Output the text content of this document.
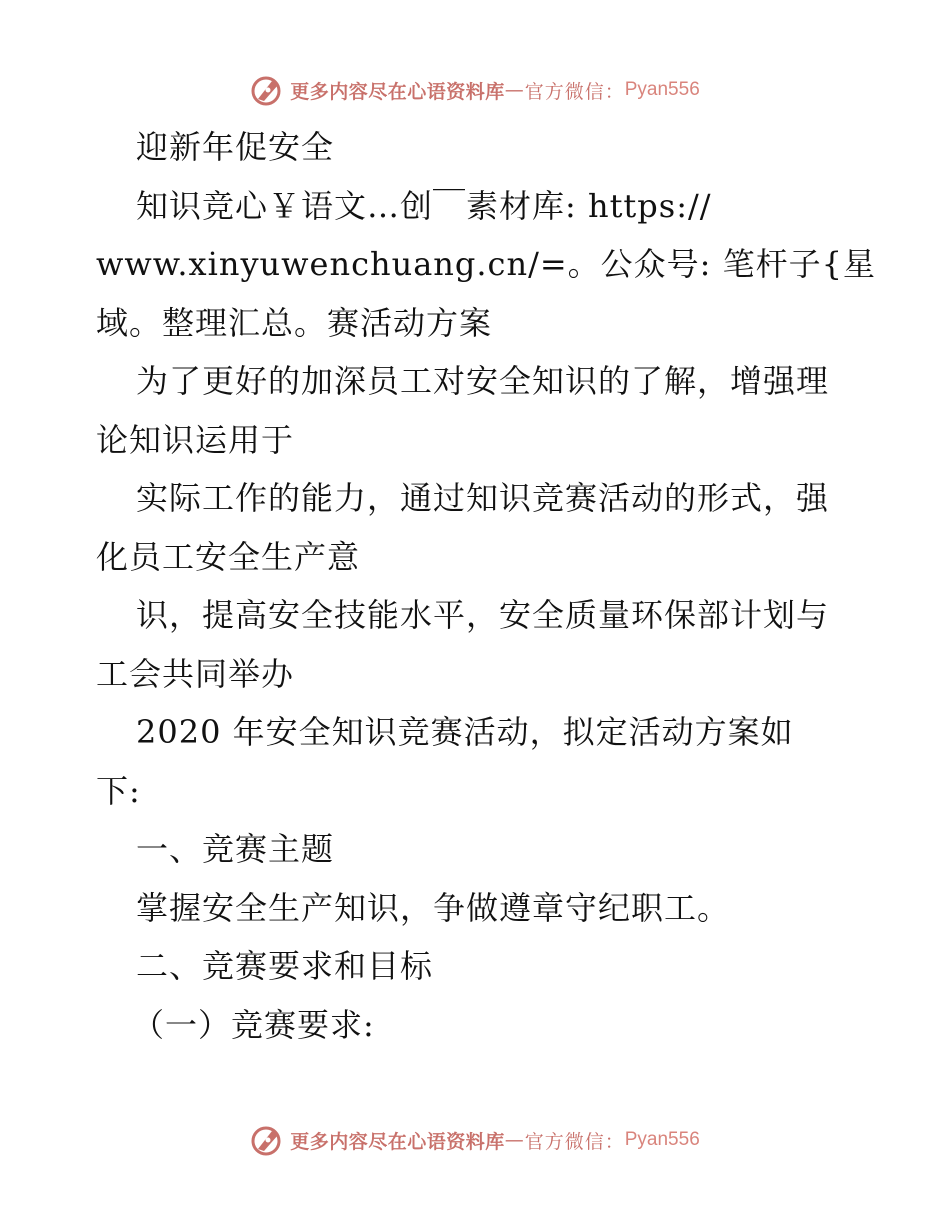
更多内容尽在心语资料库 — 官方微信： Pyan556
迎新年促安全
知识竞心￥语文…创￣素材库: https://
www.xinyuwenchuang.cn/=。公众号: 笔杆子{星
域。整理汇总。赛活动方案
为了更好的加深员工对安全知识的了解，增强理
论知识运用于
实际工作的能力，通过知识竞赛活动的形式，强
化员工安全生产意
识，提高安全技能水平，安全质量环保部计划与
工会共同举办
2020 年安全知识竞赛活动，拟定活动方案如
下:
一、竞赛主题
掌握安全生产知识，争做遵章守纪职工。
二、竞赛要求和目标
（一）竞赛要求:
更多内容尽在心语资料库 — 官方微信： Pyan556
